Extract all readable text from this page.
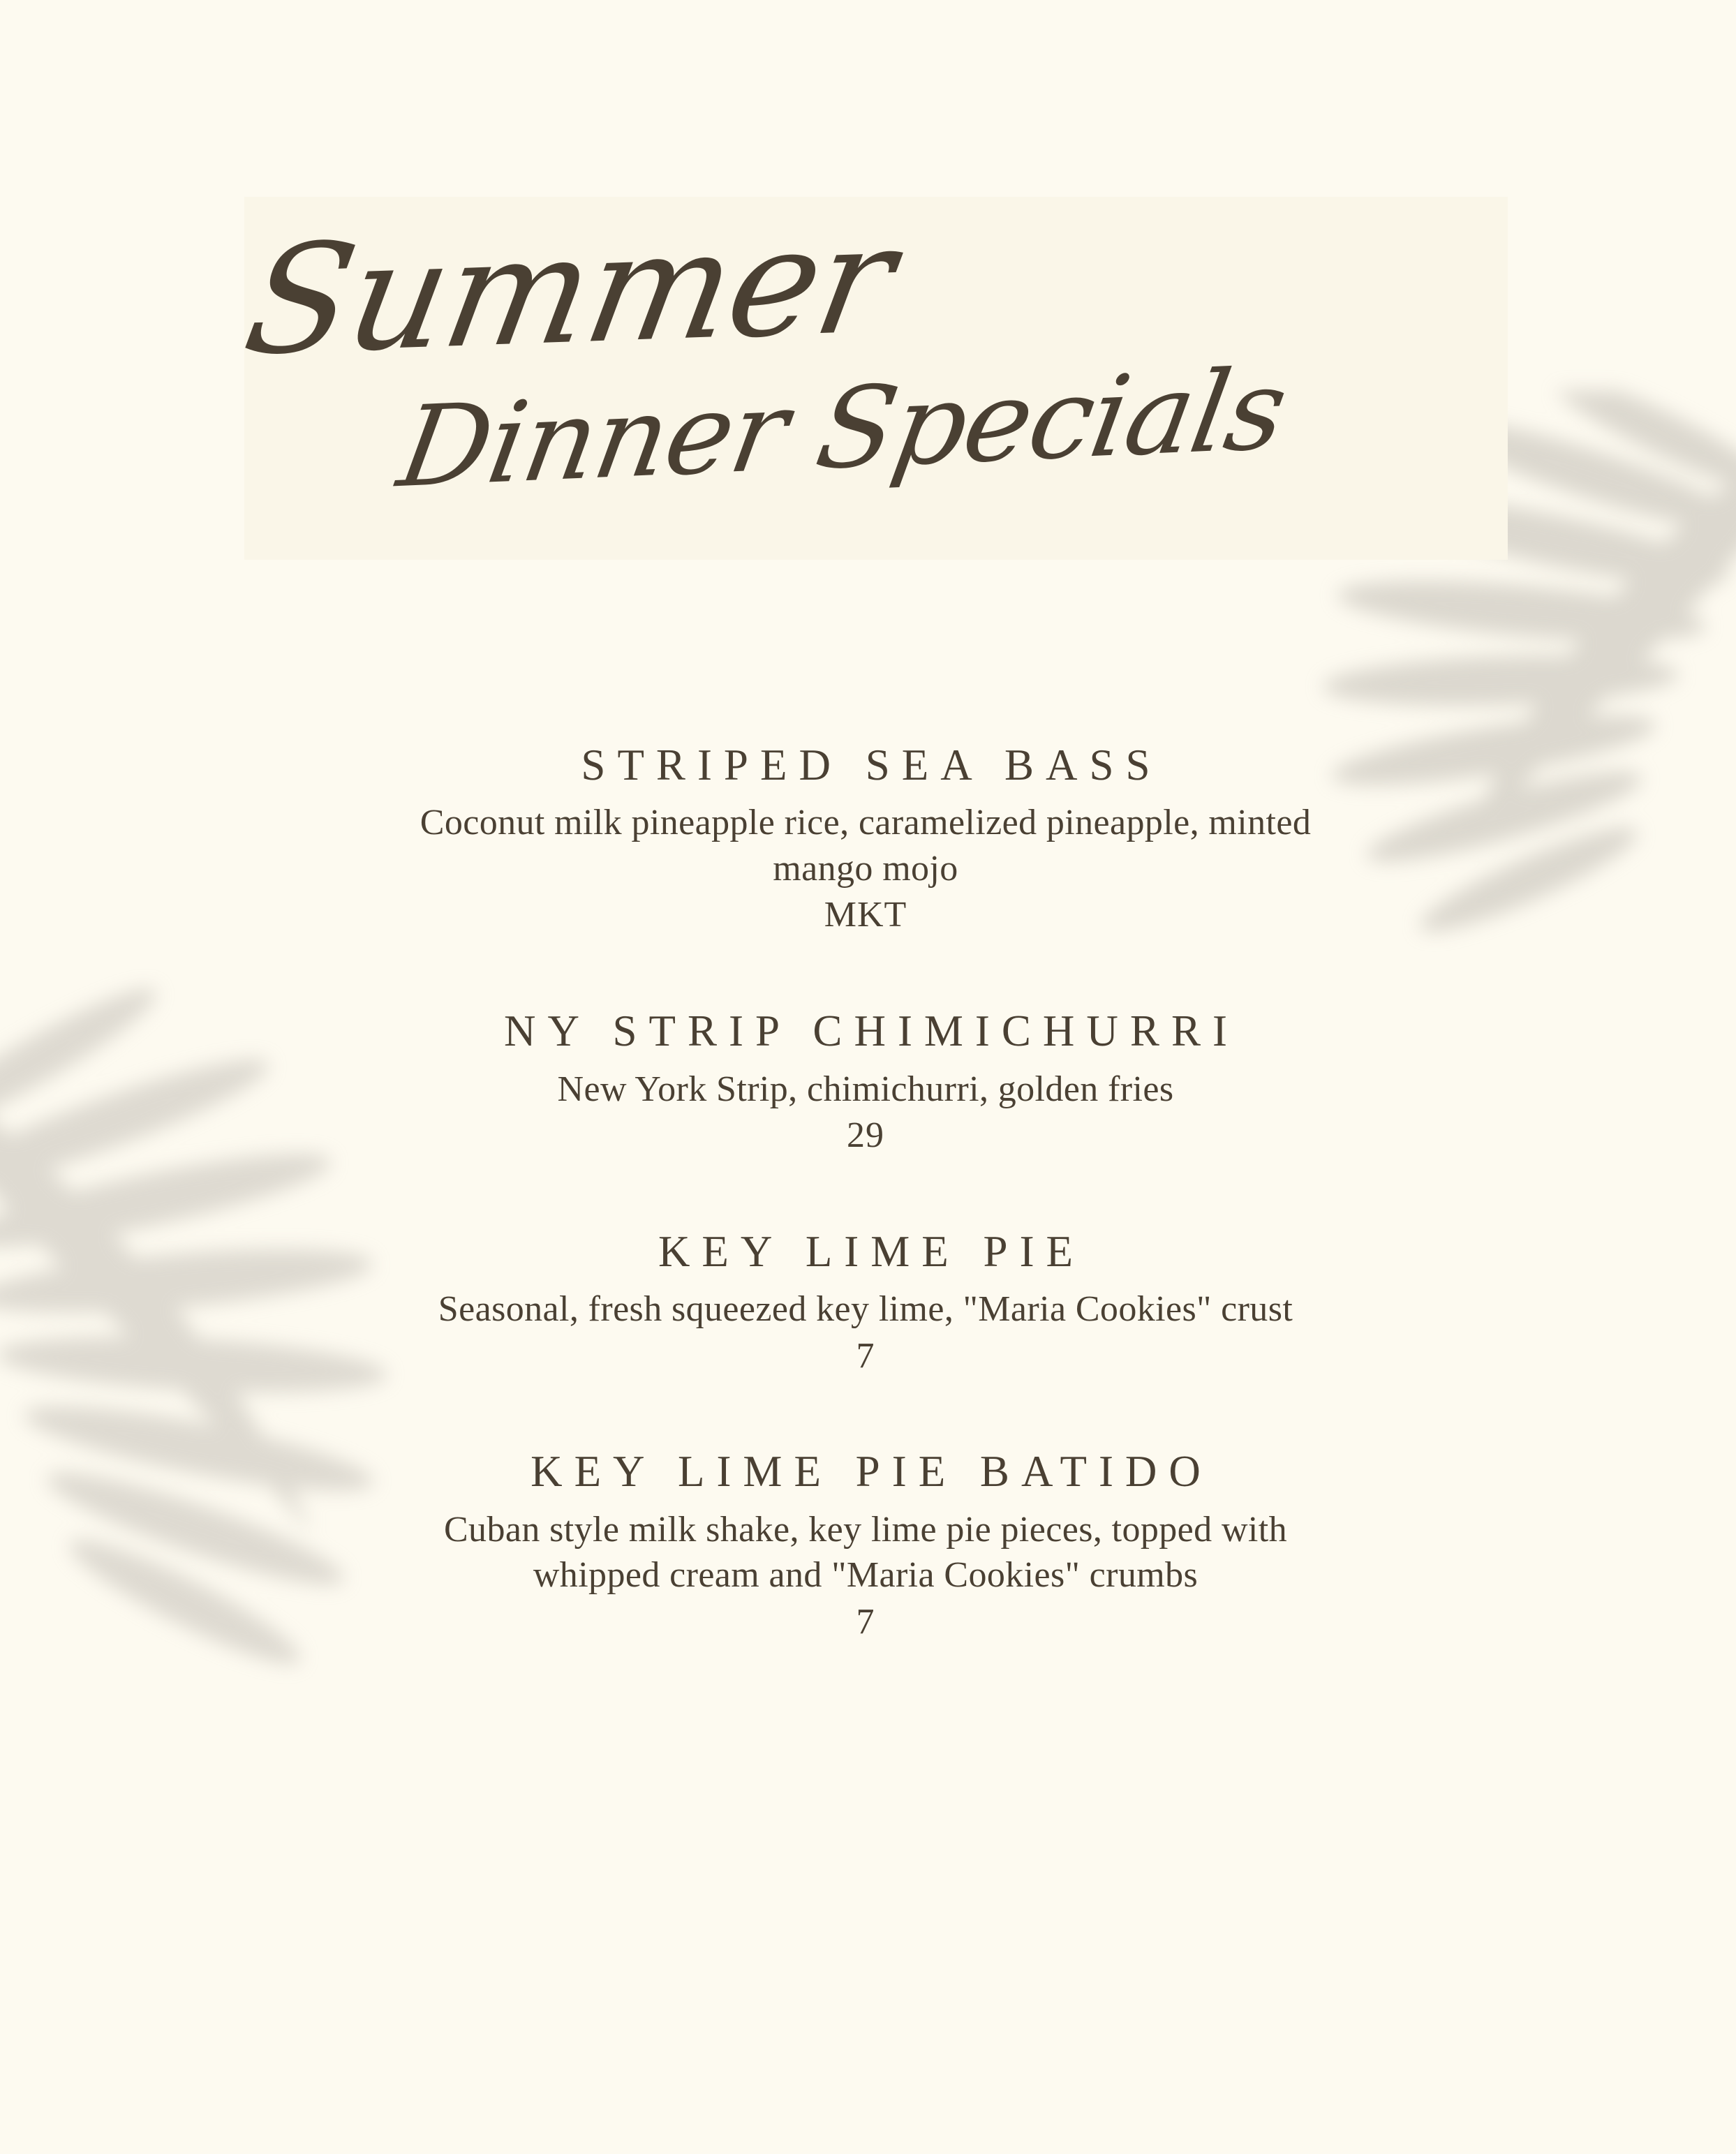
Summer
Dinner Specials
STRIPED SEA BASS

Coconut milk pineapple rice, caramelized pineapple, minted mango mojo

MKT

NY STRIP CHIMICHURRI

New York Strip, chimichurri, golden fries

29

KEY LIME PIE

Seasonal, fresh squeezed key lime, "Maria Cookies" crust

7

KEY LIME PIE BATIDO

Cuban style milk shake, key lime pie pieces, topped with whipped cream and "Maria Cookies" crumbs

7
